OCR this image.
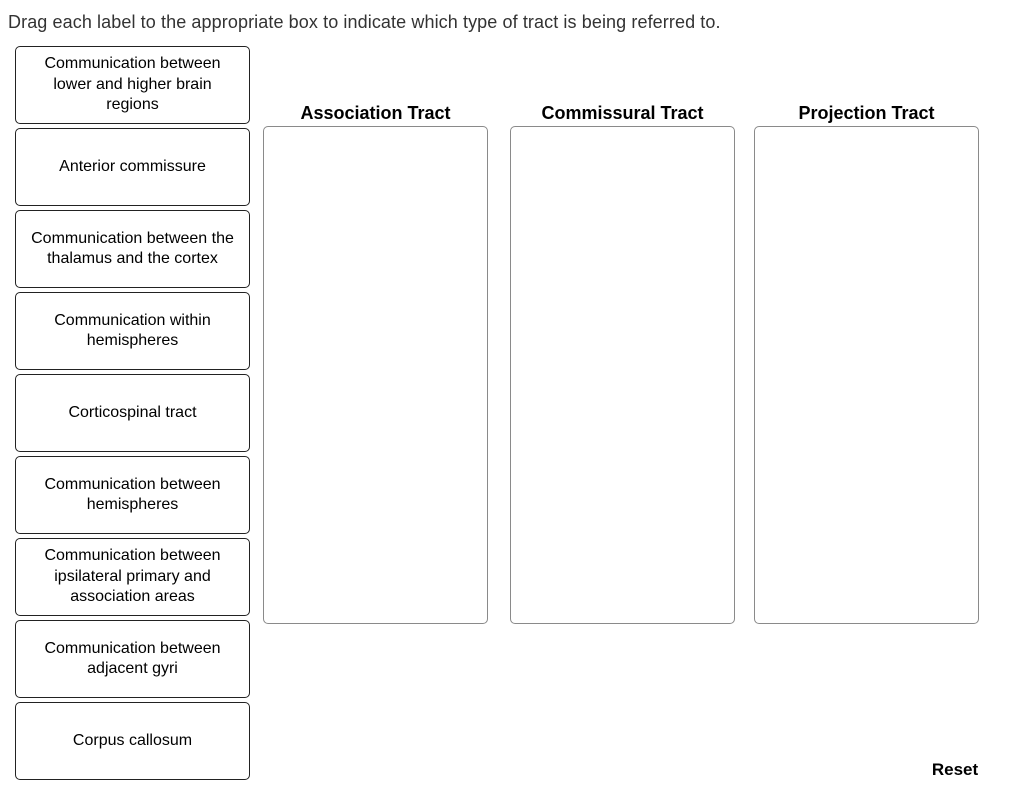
Drag each label to the appropriate box to indicate which type of tract is being referred to.
Communication between lower and higher brain regions
Anterior commissure
Communication between the thalamus and the cortex
Communication within hemispheres
Corticospinal tract
Communication between hemispheres
Communication between ipsilateral primary and association areas
Communication between adjacent gyri
Corpus callosum
Association Tract	Commissural Tract	Projection Tract
Reset
